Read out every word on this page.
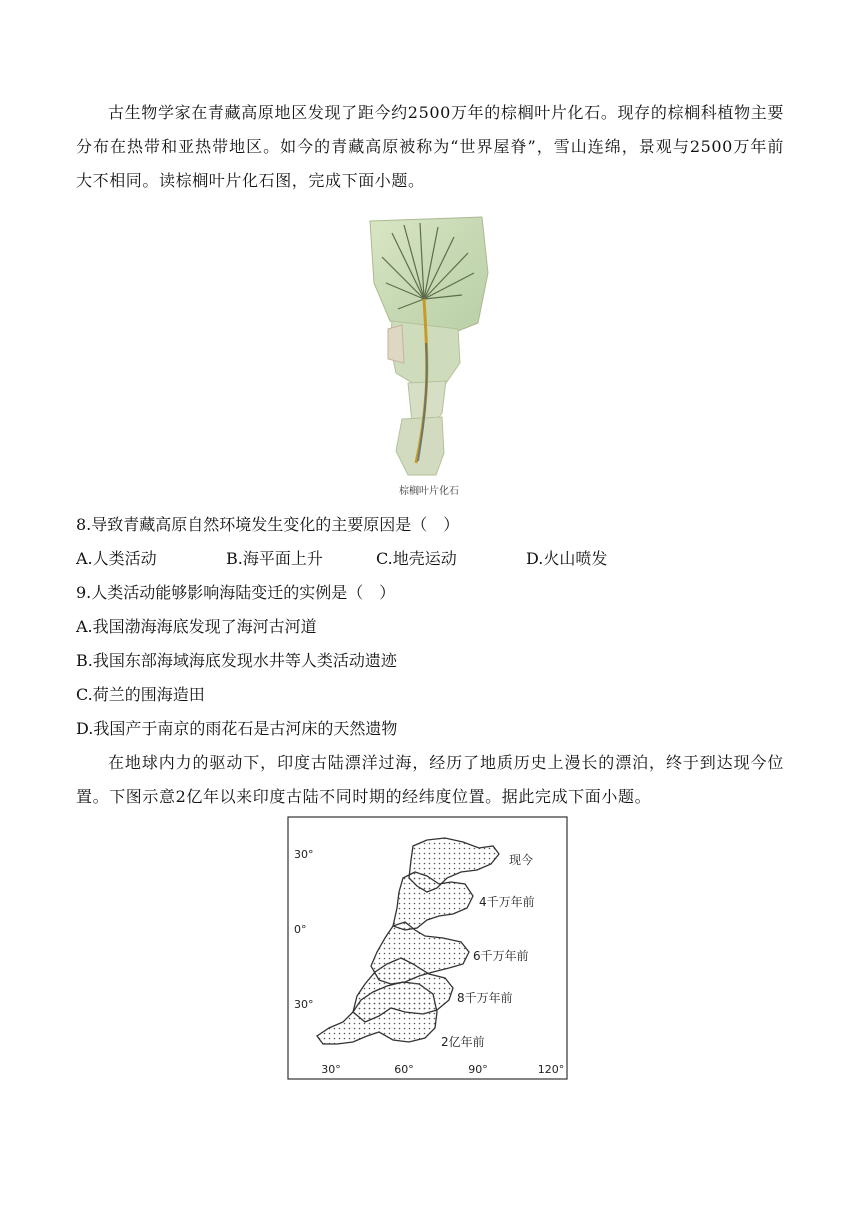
古生物学家在青藏高原地区发现了距今约2500万年的棕榈叶片化石。现存的棕榈科植物主要分布在热带和亚热带地区。如今的青藏高原被称为“世界屋脊”，雪山连绵，景观与2500万年前大不相同。读棕榈叶片化石图，完成下面小题。

棕榈叶片化石

8.导致青藏高原自然环境发生变化的主要原因是（　）

A.人类活动	B.海平面上升	C.地壳运动	D.火山喷发

9.人类活动能够影响海陆变迁的实例是（　）

A.我国渤海海底发现了海河古河道
B.我国东部海域海底发现水井等人类活动遗迹
C.荷兰的围海造田
D.我国产于南京的雨花石是古河床的天然遗物

在地球内力的驱动下，印度古陆漂洋过海，经历了地质历史上漫长的漂泊，终于到达现今位置。下图示意2亿年以来印度古陆不同时期的经纬度位置。据此完成下面小题。

30°
0°
30°
30°	60°	90°	120°
现今
4千万年前
6千万年前
8千万年前
2亿年前
